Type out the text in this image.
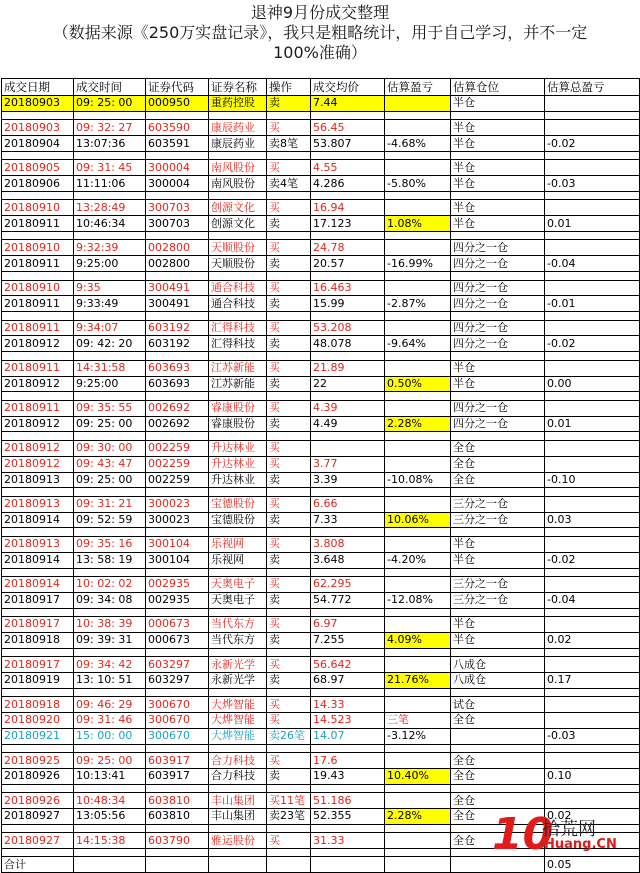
退神9月份成交整理
（数据来源《250万实盘记录》，我只是粗略统计，用于自己学习，并不一定
100%准确）
成交日期	成交时间	证券代码	证券名称	操作	成交均价	估算盈亏	估算仓位	估算总盈亏
20180903	09: 25: 00	000950	重药控股	卖	7.44		半仓	

20180903	09: 32: 27	603590	康辰药业	买	56.45		半仓	
20180904	13:07:36	603591	康辰药业	卖8笔	53.807	-4.68%	半仓	-0.02

20180905	09: 31: 45	300004	南风股份	买	4.55		半仓	
20180906	11:11:06	300004	南风股份	卖4笔	4.286	-5.80%	半仓	-0.03

20180910	13:28:49	300703	创源文化	买	16.94		半仓	
20180911	10:46:34	300703	创源文化	卖	17.123	1.08%	半仓	0.01

20180910	9:32:39	002800	天顺股份	买	24.78		四分之一仓	
20180911	9:25:00	002800	天顺股份	卖	20.57	-16.99%	四分之一仓	-0.04

20180910	9:35	300491	通合科技	买	16.463		四分之一仓	
20180911	9:33:49	300491	通合科技	卖	15.99	-2.87%	四分之一仓	-0.01

20180911	9:34:07	603192	汇得科技	买	53.208		四分之一仓	
20180912	09: 42: 20	603192	汇得科技	卖	48.078	-9.64%	四分之一仓	-0.02

20180911	14:31:58	603693	江苏新能	买	21.89		半仓	
20180912	9:25:00	603693	江苏新能	卖	22	0.50%	半仓	0.00

20180911	09: 35: 55	002692	睿康股份	买	4.39		四分之一仓	
20180912	09: 25: 00	002692	睿康股份	卖	4.49	2.28%	四分之一仓	0.01

20180912	09: 30: 00	002259	升达林业	买			全仓	
20180912	09: 43: 47	002259	升达林业	买	3.77		全仓	
20180913	09: 25: 00	002259	升达林业	卖	3.39	-10.08%	全仓	-0.10

20180913	09: 31: 21	300023	宝德股份	买	6.66		三分之一仓	
20180914	09: 52: 59	300023	宝德股份	卖	7.33	10.06%	三分之一仓	0.03

20180913	09: 35: 16	300104	乐视网	买	3.808		半仓	
20180914	13: 58: 19	300104	乐视网	卖	3.648	-4.20%	半仓	-0.02

20180914	10: 02: 02	002935	天奥电子	买	62.295		三分之一仓	
20180917	09: 34: 08	002935	天奥电子	卖	54.772	-12.08%	三分之一仓	-0.04

20180917	10: 38: 39	000673	当代东方	买	6.97		半仓	
20180918	09: 39: 31	000673	当代东方	卖	7.255	4.09%	半仓	0.02

20180917	09: 34: 42	603297	永新光学	买	56.642		八成仓	
20180919	13: 10: 51	603297	永新光学	卖	68.97	21.76%	八成仓	0.17

20180918	09: 46: 29	300670	大烨智能	买	14.33		试仓	
20180920	09: 31: 46	300670	大烨智能	买	14.523	三笔	全仓	
20180921	15: 00: 00	300670	大烨智能	卖26笔	14.07	-3.12%		-0.03

20180925	09: 25: 00	603917	合力科技	买	17.6		全仓	
20180926	10:13:41	603917	合力科技	卖	19.43	10.40%	全仓	0.10

20180926	10:48:34	603810	丰山集团	买11笔	51.186		全仓	
20180927	13:05:56	603810	丰山集团	卖23笔	52.355	2.28%	全仓	0.02

20180927	14:15:38	603790	雅运股份	买	31.33		全仓	

合计								0.05
10
拾荒网
Huang.CN
